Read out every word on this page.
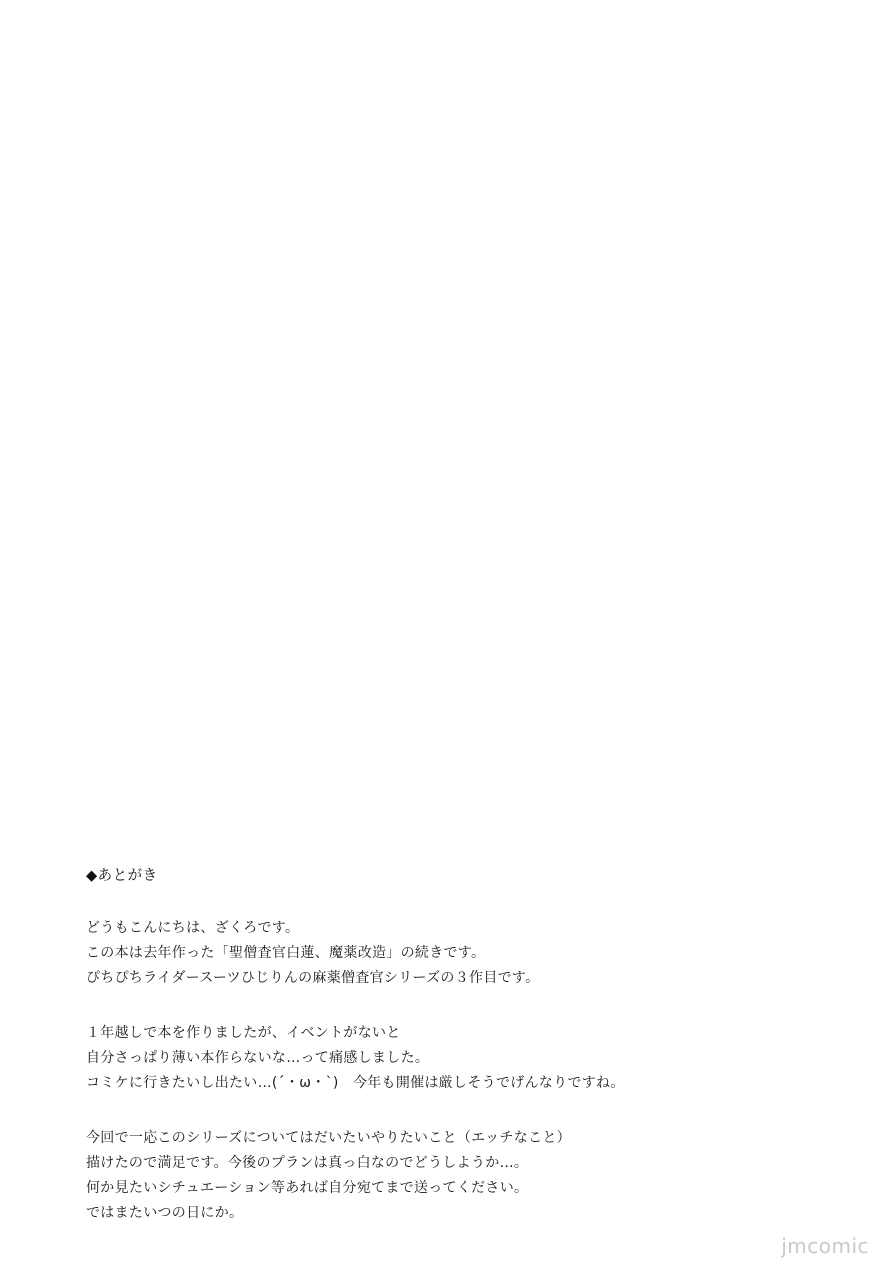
◆あとがき
どうもこんにちは、ざくろです。
この本は去年作った「聖僧査官白蓮、魔薬改造」の続きです。
ぴちぴちライダースーツひじりんの麻薬僧査官シリーズの３作目です。
１年越しで本を作りましたが、イベントがないと
自分さっぱり薄い本作らないな…って痛感しました。
コミケに行きたいし出たい…(´・ω・`)　今年も開催は厳しそうでげんなりですね。
今回で一応このシリーズについてはだいたいやりたいこと（エッチなこと）
描けたので満足です。今後のプランは真っ白なのでどうしようか…。
何か見たいシチュエーション等あれば自分宛てまで送ってください。
ではまたいつの日にか。
jmcomic
